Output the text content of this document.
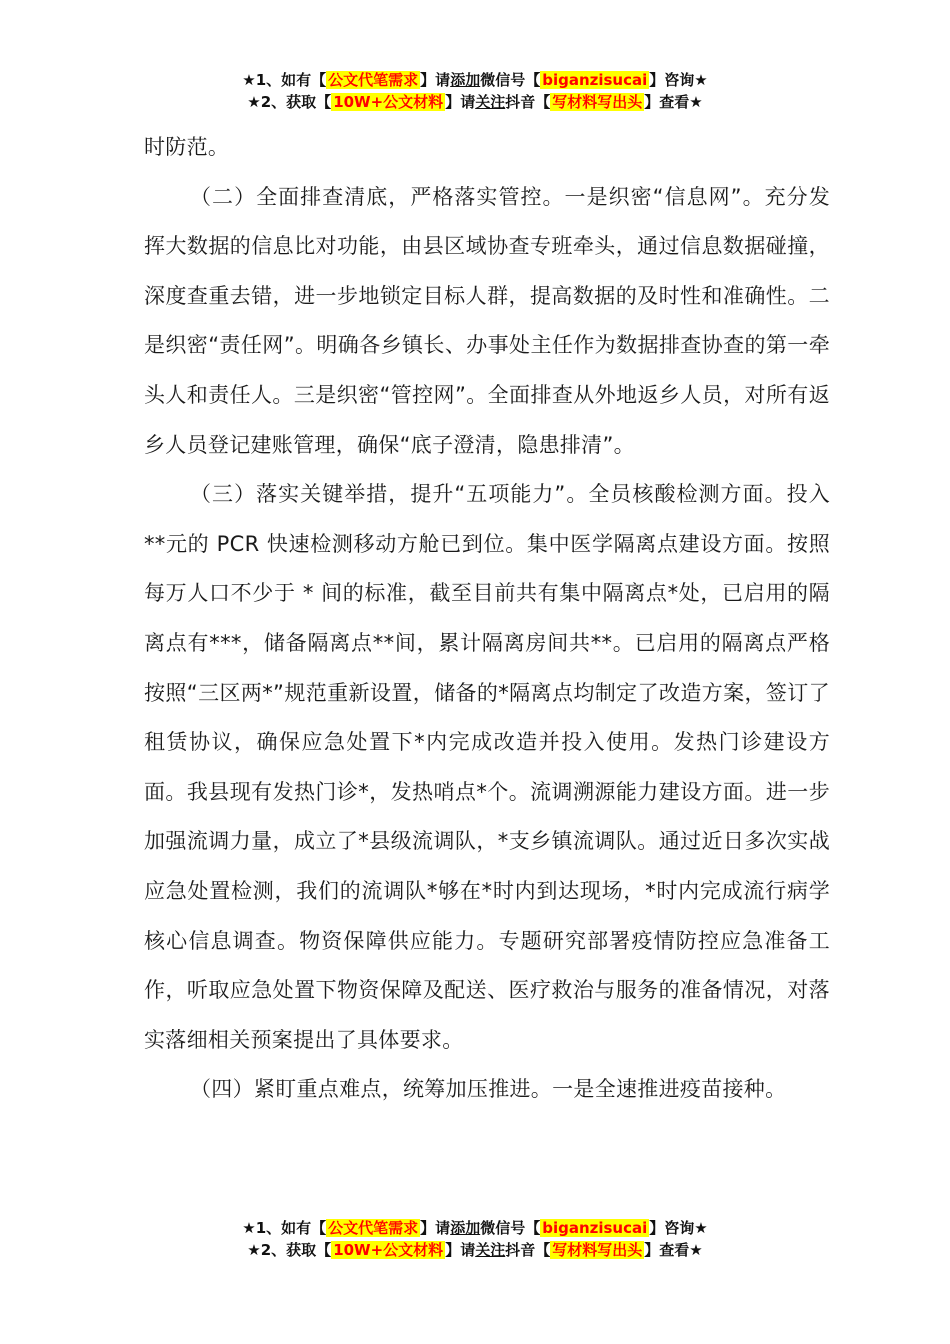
★1、如有【 公文代笔需求 】请添加微信号【 biganzisucai 】咨询★
★2、获取【 10W+公文材料 】请关注抖音【 写材料写出头 】查看★

时防范。

（二）全面排查清底，严格落实管控。一是织密“信息网”。充分发挥大数据的信息比对功能，由县区域协查专班牵头，通过信息数据碰撞，深度查重去错，进一步地锁定目标人群，提高数据的及时性和准确性。二是织密“责任网”。明确各乡镇长、办事处主任作为数据排查协查的第一牵头人和责任人。三是织密“管控网”。全面排查从外地返乡人员，对所有返乡人员登记建账管理，确保“底子澄清，隐患排清”。

（三）落实关键举措，提升“五项能力”。全员核酸检测方面。投入**元的 PCR 快速检测移动方舱已到位。集中医学隔离点建设方面。按照每万人口不少于 * 间的标准，截至目前共有集中隔离点*处，已启用的隔离点有***，储备隔离点**间，累计隔离房间共**。已启用的隔离点严格按照“三区两*”规范重新设置，储备的*隔离点均制定了改造方案，签订了租赁协议，确保应急处置下*内完成改造并投入使用。发热门诊建设方面。我县现有发热门诊*，发热哨点*个。流调溯源能力建设方面。进一步加强流调力量，成立了*县级流调队，*支乡镇流调队。通过近日多次实战应急处置检测，我们的流调队*够在*时内到达现场，*时内完成流行病学核心信息调查。物资保障供应能力。专题研究部署疫情防控应急准备工作，听取应急处置下物资保障及配送、医疗救治与服务的准备情况，对落实落细相关预案提出了具体要求。

（四）紧盯重点难点，统筹加压推进。一是全速推进疫苗接种。

★1、如有【 公文代笔需求 】请添加微信号【 biganzisucai 】咨询★
★2、获取【 10W+公文材料 】请关注抖音【 写材料写出头 】查看★
